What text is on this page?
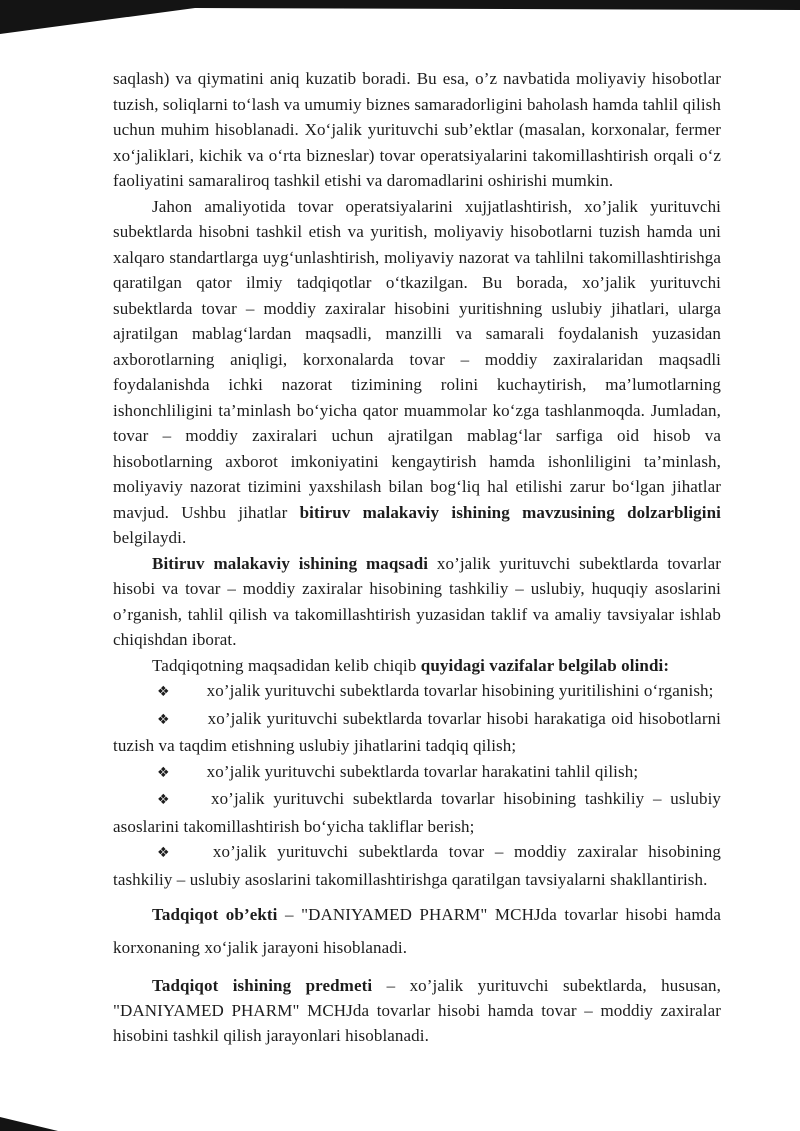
saqlash) va qiymatini aniq kuzatib boradi. Bu esa, o’z navbatida moliyaviy hisobotlar tuzish, soliqlarni toʻlash va umumiy biznes samaradorligini baholash hamda tahlil qilish uchun muhim hisoblanadi. Xoʻjalik yurituvchi sub’ektlar (masalan, korxonalar, fermer xoʻjaliklari, kichik va oʻrta bizneslar) tovar operatsiyalarini takomillashtirish orqali oʻz faoliyatini samaraliroq tashkil etishi va daromadlarini oshirishi mumkin.

Jahon amaliyotida tovar operatsiyalarini xujjatlashtirish, xo’jalik yurituvchi subektlarda hisobni tashkil etish va yuritish, moliyaviy hisobotlarni tuzish hamda uni xalqaro standartlarga uygʻunlashtirish, moliyaviy nazorat va tahlilni takomillashtirishga qaratilgan qator ilmiy tadqiqotlar oʻtkazilgan. Bu borada, xo’jalik yurituvchi subektlarda tovar – moddiy zaxiralar hisobini yuritishning uslubiy jihatlari, ularga ajratilgan mablagʻlardan maqsadli, manzilli va samarali foydalanish yuzasidan axborotlarning aniqligi, korxonalarda tovar – moddiy zaxiralaridan maqsadli foydalanishda ichki nazorat tizimining rolini kuchaytirish, ma’lumotlarning ishonchliligini ta’minlash boʻyicha qator muammolar koʻzga tashlanmoqda. Jumladan, tovar – moddiy zaxiralari uchun ajratilgan mablagʻlar sarfiga oid hisob va hisobotlarning axborot imkoniyatini kengaytirish hamda ishonliligini ta’minlash, moliyaviy nazorat tizimini yaxshilash bilan bogʻliq hal etilishi zarur boʻlgan jihatlar mavjud. Ushbu jihatlar bitiruv malakaviy ishining mavzusining dolzarbligini belgilaydi.

Bitiruv malakaviy ishining maqsadi xo’jalik yurituvchi subektlarda tovarlar hisobi va tovar – moddiy zaxiralar hisobining tashkiliy – uslubiy, huquqiy asoslarini o’rganish, tahlil qilish va takomillashtirish yuzasidan taklif va amaliy tavsiyalar ishlab chiqishdan iborat.

Tadqiqotning maqsadidan kelib chiqib quyidagi vazifalar belgilab olindi:

❖ xo’jalik yurituvchi subektlarda tovarlar hisobining yuritilishini oʻrganish;

❖ xo’jalik yurituvchi subektlarda tovarlar hisobi harakatiga oid hisobotlarni tuzish va taqdim etishning uslubiy jihatlarini tadqiq qilish;

❖ xo’jalik yurituvchi subektlarda tovarlar harakatini tahlil qilish;

❖ xo’jalik yurituvchi subektlarda tovarlar hisobining tashkiliy – uslubiy asoslarini takomillashtirish boʻyicha takliflar berish;

❖ xo’jalik yurituvchi subektlarda tovar – moddiy zaxiralar hisobining tashkiliy – uslubiy asoslarini takomillashtirishga qaratilgan tavsiyalarni shakllantirish.

Tadqiqot ob’ekti – "DANIYAMED PHARM" MCHJda tovarlar hisobi hamda korxonaning xoʻjalik jarayoni hisoblanadi.

Tadqiqot ishining predmeti – xo’jalik yurituvchi subektlarda, hususan, "DANIYAMED PHARM" MCHJda tovarlar hisobi hamda tovar – moddiy zaxiralar hisobini tashkil qilish jarayonlari hisoblanadi.
